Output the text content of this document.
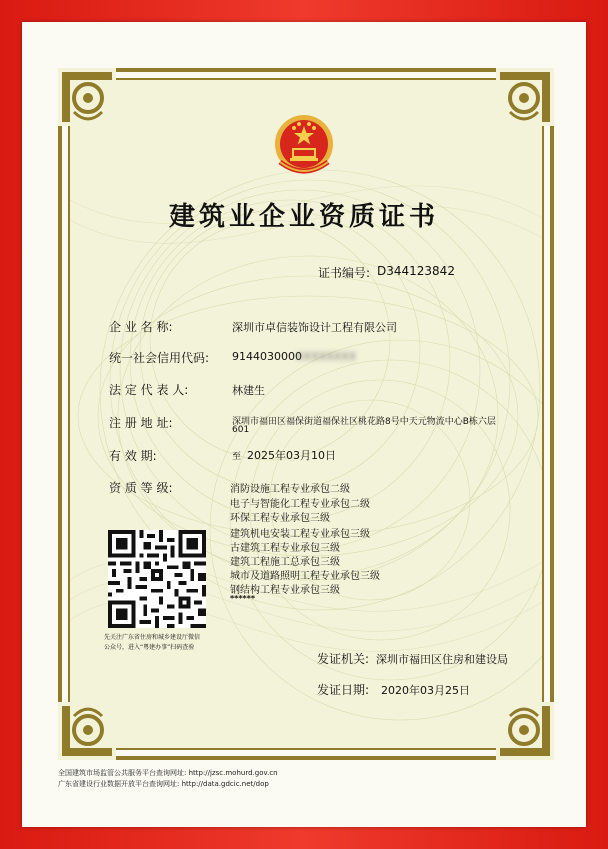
建筑业企业资质证书
证书编号: D344123842
企 业 名 称:	深圳市卓信装饰设计工程有限公司
统一社会信用代码: 9144030000
XXXXXXXX
法 定 代 表 人:	林建生
注 册 地 址:	深圳市福田区福保街道福保社区桃花路8号中天元物流中心B栋六层
601
有 效 期:	至 2025年03月10日
资 质 等 级:	消防设施工程专业承包二级
电子与智能化工程专业承包二级
环保工程专业承包三级
建筑机电安装工程专业承包三级
古建筑工程专业承包三级
建筑工程施工总承包三级
城市及道路照明工程专业承包三级
钢结构工程专业承包三级
******
先关注广东省住房和城乡建设厅微信
公众号，进入“粤建办事”扫码查验
发证机关: 深圳市福田区住房和建设局
发证日期: 2020年03月25日
全国建筑市场监管公共服务平台查询网址: http://jzsc.mohurd.gov.cn
广东省建设行业数据开放平台查询网址: http://data.gdcic.net/dop
